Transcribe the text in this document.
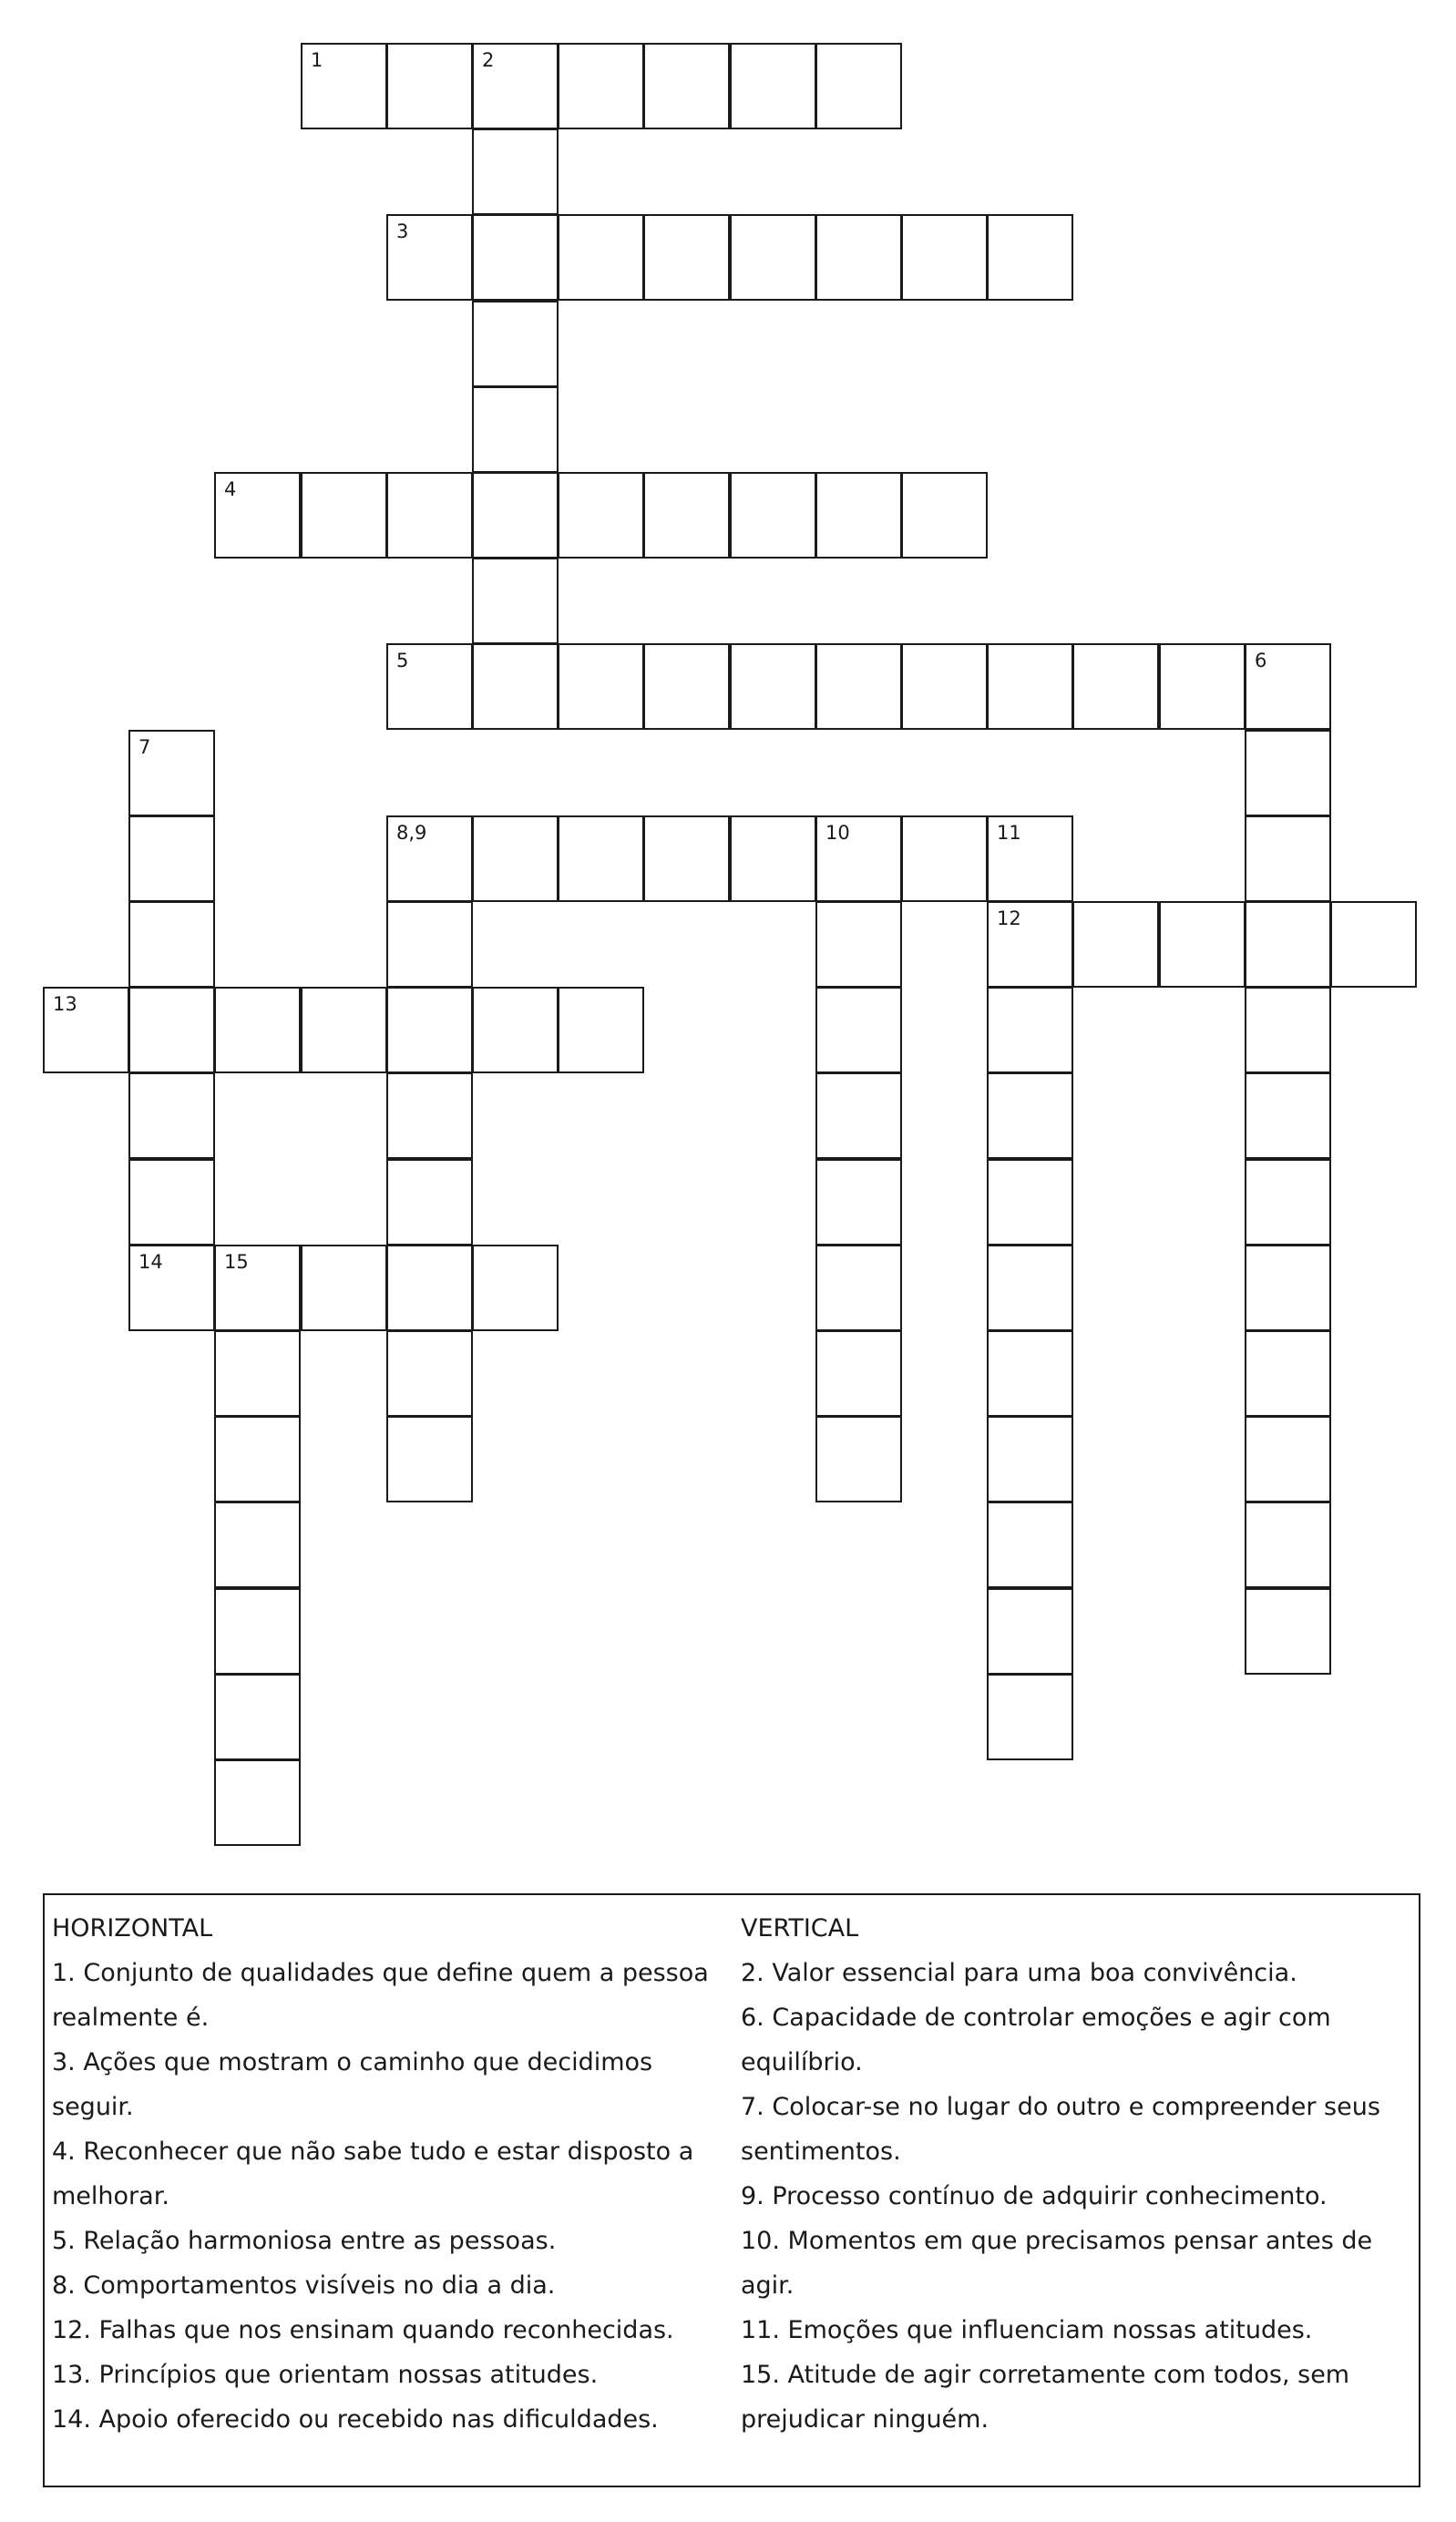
1	2
3
4
5	6
7
8,9	10	11
12
13
14	15
HORIZONTAL
1. Conjunto de qualidades que define quem a pessoa
realmente é.
3. Ações que mostram o caminho que decidimos
seguir.
4. Reconhecer que não sabe tudo e estar disposto a
melhorar.
5. Relação harmoniosa entre as pessoas.
8. Comportamentos visíveis no dia a dia.
12. Falhas que nos ensinam quando reconhecidas.
13. Princípios que orientam nossas atitudes.
14. Apoio oferecido ou recebido nas dificuldades.
VERTICAL
2. Valor essencial para uma boa convivência.
6. Capacidade de controlar emoções e agir com
equilíbrio.
7. Colocar-se no lugar do outro e compreender seus
sentimentos.
9. Processo contínuo de adquirir conhecimento.
10. Momentos em que precisamos pensar antes de
agir.
11. Emoções que influenciam nossas atitudes.
15. Atitude de agir corretamente com todos, sem
prejudicar ninguém.
